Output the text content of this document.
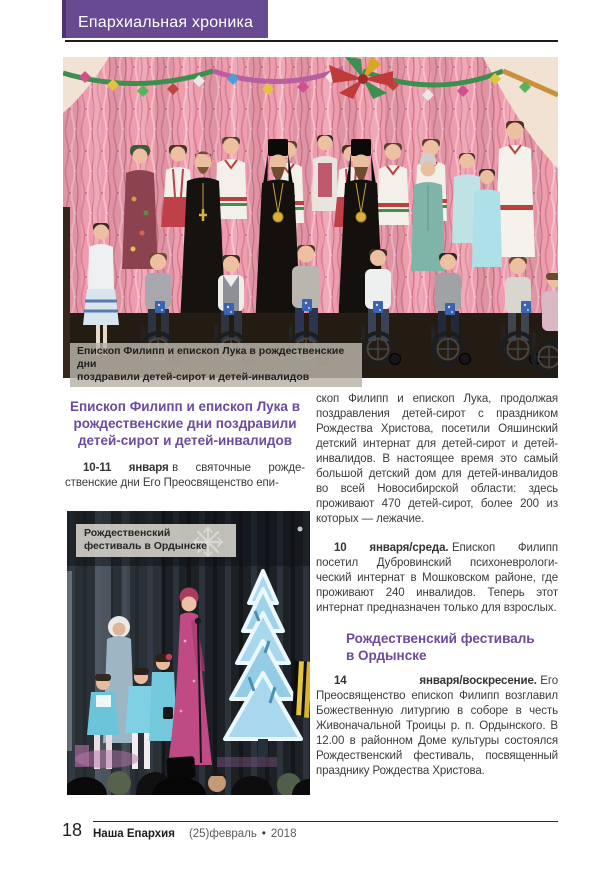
Епархиальная хроника
Епископ Филипп и епископ Лука в рождественские дни
поздравили детей-сирот и детей-инвалидов
Епископ Филипп и епископ Лука в рождественские дни поздравили детей-сирот и детей-инвалидов

10-11 января в святочные рожде-ственские дни Его Преосвященство епи-

Рождественский
фестиваль в Ордынске

скоп Филипп и епископ Лука, продолжая поздравления детей-сирот с праздником Рождества Христова, посетили Ояшинский детский интернат для детей-сирот и детей-инвалидов. В настоящее время это самый большой детский дом для детей-инвалидов во всей Новосибирской области: здесь проживают 470 детей-сирот, более 200 из которых — лежачие.

10 января/среда. Епископ Филипп посетил Дубровинский психоневрологи-ческий интернат в Мошковском районе, где проживают 240 инвалидов. Теперь этот интернат предназначен только для взрослых.

Рождественский фестиваль
в Ордынске

14 января/воскресение. Его Преосвященство епископ Филипп возглавил Божественную литургию в соборе в честь Живоначальной Троицы р. п. Ордынского. В 12.00 в районном Доме культуры состоялся Рождественский фестиваль, посвященный празднику Рождества Христова.

18 Наша Епархия (25)февраль • 2018
